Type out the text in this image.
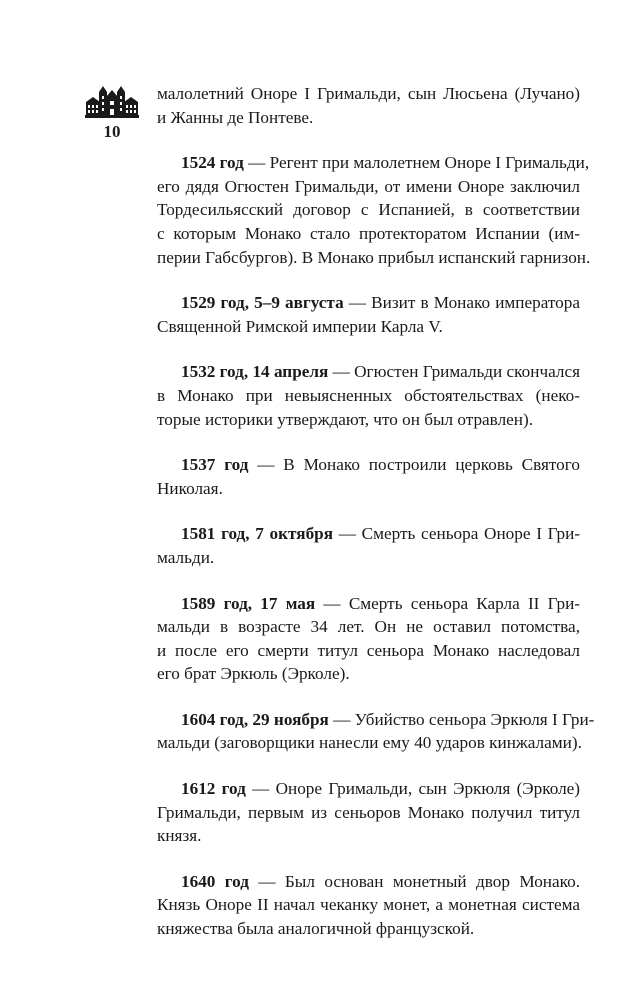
10

малолетний Оноре I Гримальди, сын Люсьена (Лучано)
и Жанны де Понтеве.

1524 год — Регент при малолетнем Оноре I Гримальди,
его дядя Огюстен Гримальди, от имени Оноре заключил
Тордесильясский договор с Испанией, в соответствии
с которым Монако стало протекторатом Испании (им-
перии Габсбургов). В Монако прибыл испанский гарнизон.

1529 год, 5–9 августа — Визит в Монако императора
Священной Римской империи Карла V.

1532 год, 14 апреля — Огюстен Гримальди скончался
в Монако при невыясненных обстоятельствах (неко-
торые историки утверждают, что он был отравлен).

1537 год — В Монако построили церковь Святого
Николая.

1581 год, 7 октября — Смерть сеньора Оноре I Гри-
мальди.

1589 год, 17 мая — Смерть сеньора Карла II Гри-
мальди в возрасте 34 лет. Он не оставил потомства,
и после его смерти титул сеньора Монако наследовал
его брат Эркюль (Эрколе).

1604 год, 29 ноября — Убийство сеньора Эркюля I Гри-
мальди (заговорщики нанесли ему 40 ударов кинжалами).

1612 год — Оноре Гримальди, сын Эркюля (Эрколе)
Гримальди, первым из сеньоров Монако получил титул
князя.

1640 год — Был основан монетный двор Монако.
Князь Оноре II начал чеканку монет, а монетная система
княжества была аналогичной французской.
